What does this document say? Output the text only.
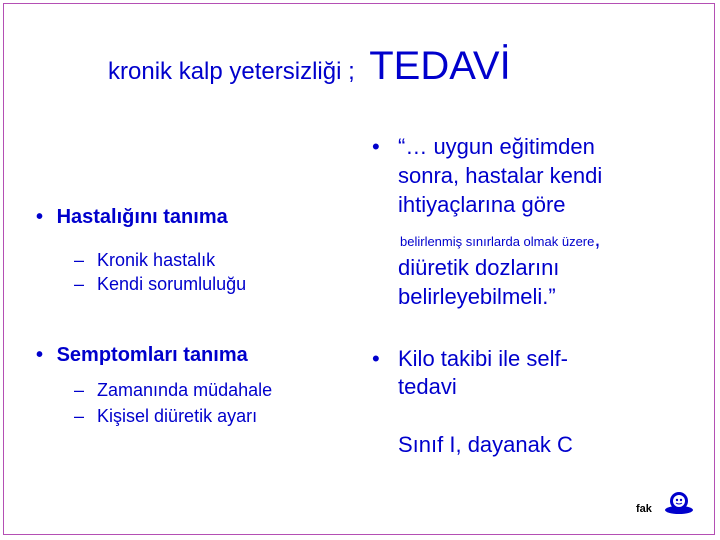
kronik kalp yetersizliği ; TEDAVİ
• Hastalığını tanıma
– Kronik hastalık
– Kendi sorumluluğu
• Semptomları tanıma
– Zamanında müdahale
– Kişisel diüretik ayarı
• “… uygun eğitimden
sonra, hastalar kendi
ihtiyaçlarına göre
belirlenmiş sınırlarda olmak üzere,
diüretik dozlarını
belirleyebilmeli.”
• Kilo takibi ile self-
tedavi
Sınıf I, dayanak C
fak
